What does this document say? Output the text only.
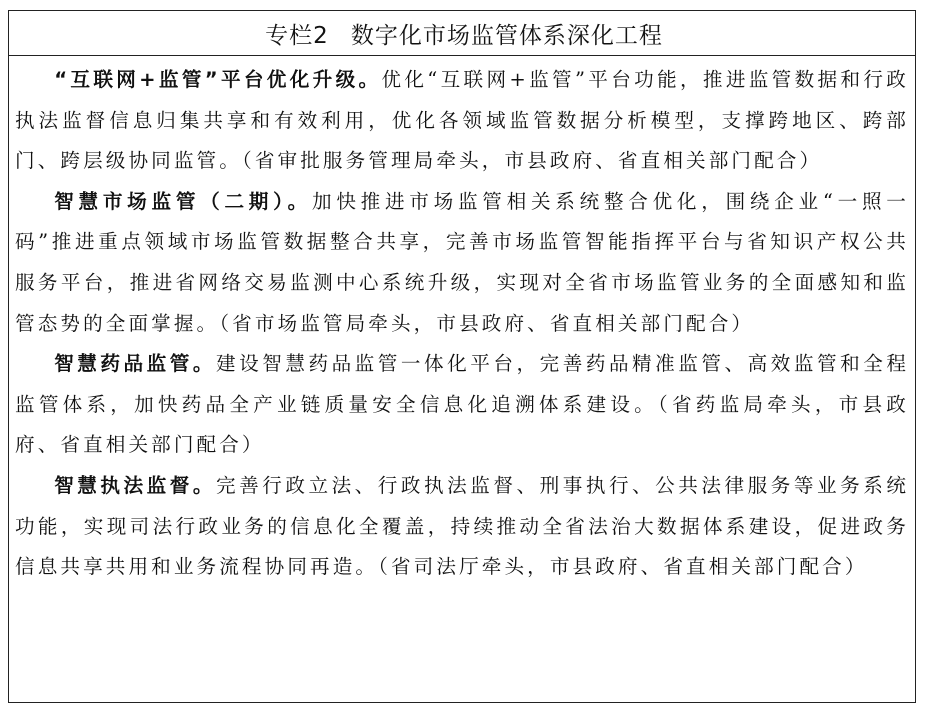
专栏2 数字化市场监管体系深化工程

“互联网+监管”平台优化升级。优化“互联网+监管”平台功能，推进监管数据和行政执法监督信息归集共享和有效利用，优化各领域监管数据分析模型，支撑跨地区、跨部门、跨层级协同监管。（省审批服务管理局牵头，市县政府、省直相关部门配合）

智慧市场监管（二期）。加快推进市场监管相关系统整合优化，围绕企业“一照一码”推进重点领域市场监管数据整合共享，完善市场监管智能指挥平台与省知识产权公共服务平台，推进省网络交易监测中心系统升级，实现对全省市场监管业务的全面感知和监管态势的全面掌握。（省市场监管局牵头，市县政府、省直相关部门配合）

智慧药品监管。建设智慧药品监管一体化平台，完善药品精准监管、高效监管和全程监管体系，加快药品全产业链质量安全信息化追溯体系建设。（省药监局牵头，市县政府、省直相关部门配合）

智慧执法监督。完善行政立法、行政执法监督、刑事执行、公共法律服务等业务系统功能，实现司法行政业务的信息化全覆盖，持续推动全省法治大数据体系建设，促进政务信息共享共用和业务流程协同再造。（省司法厅牵头，市县政府、省直相关部门配合）
